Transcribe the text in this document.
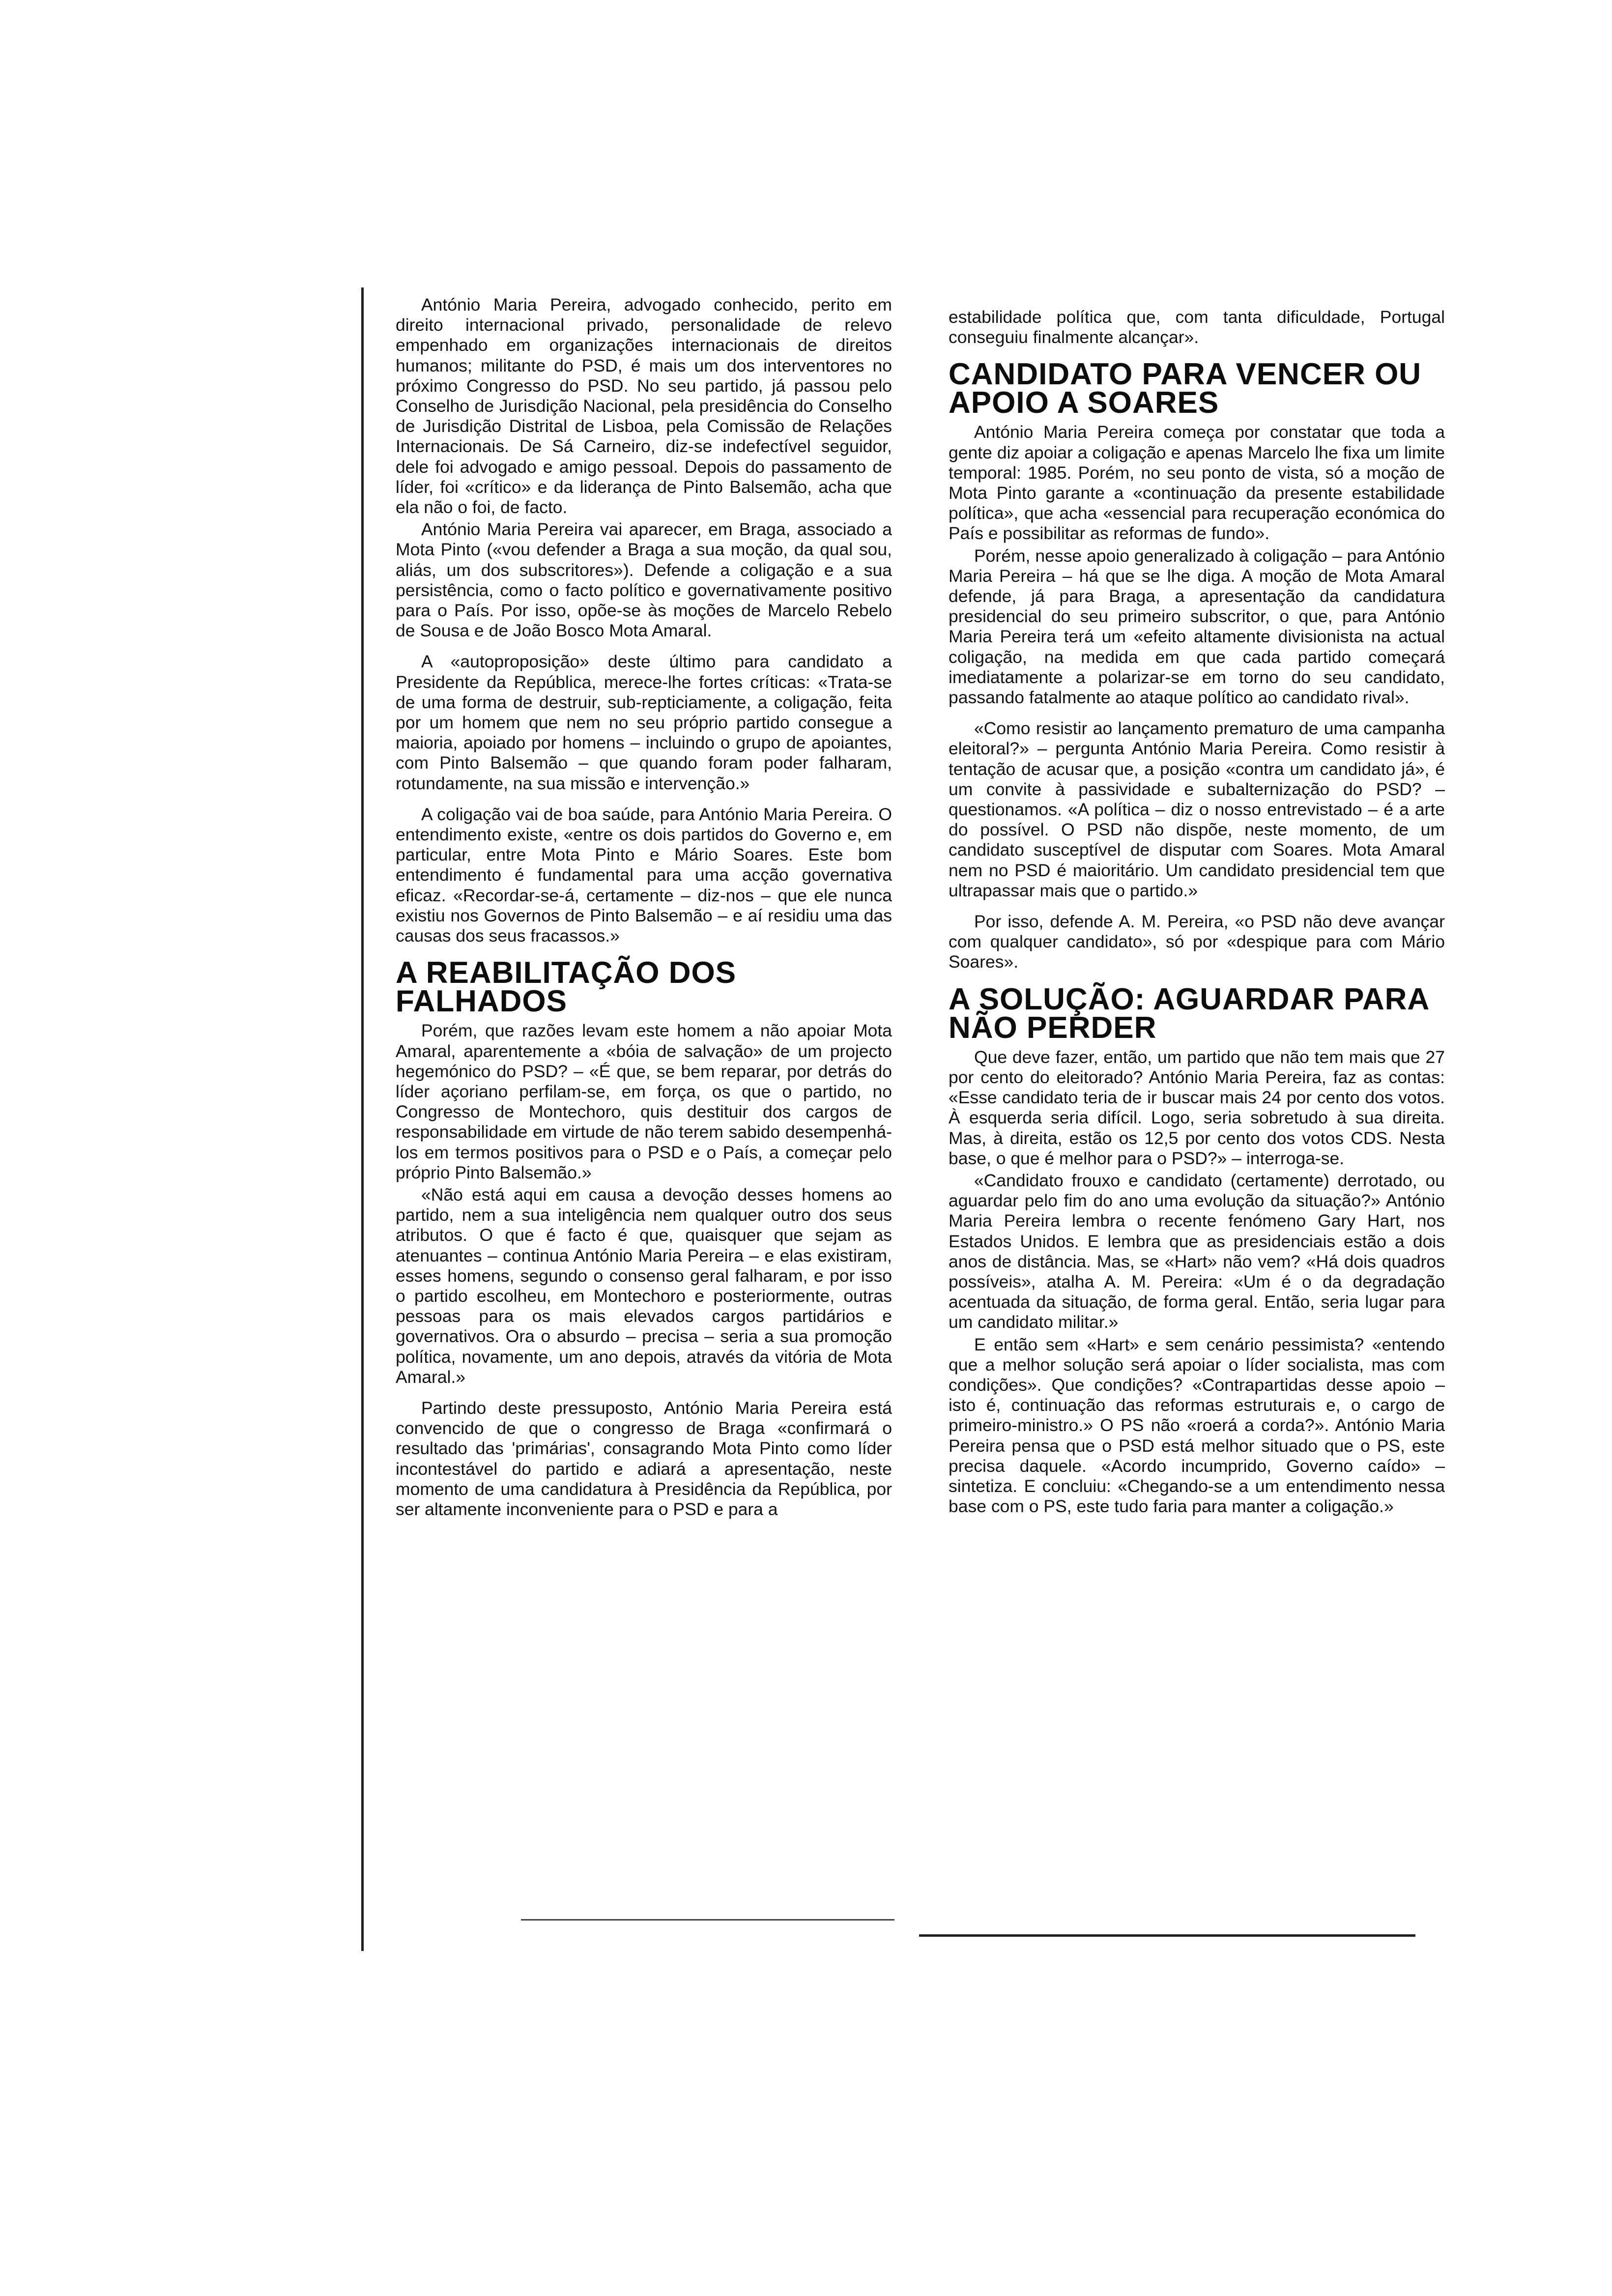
António Maria Pereira, advogado conhecido, perito em direito internacional privado, personalidade de relevo empenhado em organizações internacionais de direitos humanos; militante do PSD, é mais um dos interventores no próximo Congresso do PSD. No seu partido, já passou pelo Conselho de Jurisdição Nacional, pela presidência do Conselho de Jurisdição Distrital de Lisboa, pela Comissão de Relações Internacionais. De Sá Carneiro, diz-se indefectível seguidor, dele foi advogado e amigo pessoal. Depois do passamento de líder, foi «crítico» e da liderança de Pinto Balsemão, acha que ela não o foi, de facto.

António Maria Pereira vai aparecer, em Braga, associado a Mota Pinto («vou defender a Braga a sua moção, da qual sou, aliás, um dos subscritores»). Defende a coligação e a sua persistência, como o facto político e governativamente positivo para o País. Por isso, opõe-se às moções de Marcelo Rebelo de Sousa e de João Bosco Mota Amaral.

A «autoproposição» deste último para candidato a Presidente da República, merece-lhe fortes críticas: «Trata-se de uma forma de destruir, sub-repticiamente, a coligação, feita por um homem que nem no seu próprio partido consegue a maioria, apoiado por homens – incluindo o grupo de apoiantes, com Pinto Balsemão – que quando foram poder falharam, rotundamente, na sua missão e intervenção.»

A coligação vai de boa saúde, para António Maria Pereira. O entendimento existe, «entre os dois partidos do Governo e, em particular, entre Mota Pinto e Mário Soares. Este bom entendimento é fundamental para uma acção governativa eficaz. «Recordar-se-á, certamente – diz-nos – que ele nunca existiu nos Governos de Pinto Balsemão – e aí residiu uma das causas dos seus fracassos.»

A REABILITAÇÃO DOS FALHADOS

Porém, que razões levam este homem a não apoiar Mota Amaral, aparentemente a «bóia de salvação» de um projecto hegemónico do PSD? – «É que, se bem reparar, por detrás do líder açoriano perfilam-se, em força, os que o partido, no Congresso de Montechoro, quis destituir dos cargos de responsabilidade em virtude de não terem sabido desempenhá-los em termos positivos para o PSD e o País, a começar pelo próprio Pinto Balsemão.»

«Não está aqui em causa a devoção desses homens ao partido, nem a sua inteligência nem qualquer outro dos seus atributos. O que é facto é que, quaisquer que sejam as atenuantes – continua António Maria Pereira – e elas existiram, esses homens, segundo o consenso geral falharam, e por isso o partido escolheu, em Montechoro e posteriormente, outras pessoas para os mais elevados cargos partidários e governativos. Ora o absurdo – precisa – seria a sua promoção política, novamente, um ano depois, através da vitória de Mota Amaral.»

Partindo deste pressuposto, António Maria Pereira está convencido de que o congresso de Braga «confirmará o resultado das 'primárias', consagrando Mota Pinto como líder incontestável do partido e adiará a apresentação, neste momento de uma candidatura à Presidência da República, por ser altamente inconveniente para o PSD e para a

estabilidade política que, com tanta dificuldade, Portugal conseguiu finalmente alcançar».

CANDIDATO PARA VENCER OU APOIO A SOARES

António Maria Pereira começa por constatar que toda a gente diz apoiar a coligação e apenas Marcelo lhe fixa um limite temporal: 1985. Porém, no seu ponto de vista, só a moção de Mota Pinto garante a «continuação da presente estabilidade política», que acha «essencial para recuperação económica do País e possibilitar as reformas de fundo».

Porém, nesse apoio generalizado à coligação – para António Maria Pereira – há que se lhe diga. A moção de Mota Amaral defende, já para Braga, a apresentação da candidatura presidencial do seu primeiro subscritor, o que, para António Maria Pereira terá um «efeito altamente divisionista na actual coligação, na medida em que cada partido começará imediatamente a polarizar-se em torno do seu candidato, passando fatalmente ao ataque político ao candidato rival».

«Como resistir ao lançamento prematuro de uma campanha eleitoral?» – pergunta António Maria Pereira. Como resistir à tentação de acusar que, a posição «contra um candidato já», é um convite à passividade e subalternização do PSD? – questionamos. «A política – diz o nosso entrevistado – é a arte do possível. O PSD não dispõe, neste momento, de um candidato susceptível de disputar com Soares. Mota Amaral nem no PSD é maioritário. Um candidato presidencial tem que ultrapassar mais que o partido.»

Por isso, defende A. M. Pereira, «o PSD não deve avançar com qualquer candidato», só por «despique para com Mário Soares».

A SOLUÇÃO: AGUARDAR PARA NÃO PERDER

Que deve fazer, então, um partido que não tem mais que 27 por cento do eleitorado? António Maria Pereira, faz as contas: «Esse candidato teria de ir buscar mais 24 por cento dos votos. À esquerda seria difícil. Logo, seria sobretudo à sua direita. Mas, à direita, estão os 12,5 por cento dos votos CDS. Nesta base, o que é melhor para o PSD?» – interroga-se.

«Candidato frouxo e candidato (certamente) derrotado, ou aguardar pelo fim do ano uma evolução da situação?» António Maria Pereira lembra o recente fenómeno Gary Hart, nos Estados Unidos. E lembra que as presidenciais estão a dois anos de distância. Mas, se «Hart» não vem? «Há dois quadros possíveis», atalha A. M. Pereira: «Um é o da degradação acentuada da situação, de forma geral. Então, seria lugar para um candidato militar.»

E então sem «Hart» e sem cenário pessimista? «entendo que a melhor solução será apoiar o líder socialista, mas com condições». Que condições? «Contrapartidas desse apoio – isto é, continuação das reformas estruturais e, o cargo de primeiro-ministro.» O PS não «roerá a corda?». António Maria Pereira pensa que o PSD está melhor situado que o PS, este precisa daquele. «Acordo incumprido, Governo caído» – sintetiza. E concluiu: «Chegando-se a um entendimento nessa base com o PS, este tudo faria para manter a coligação.»
